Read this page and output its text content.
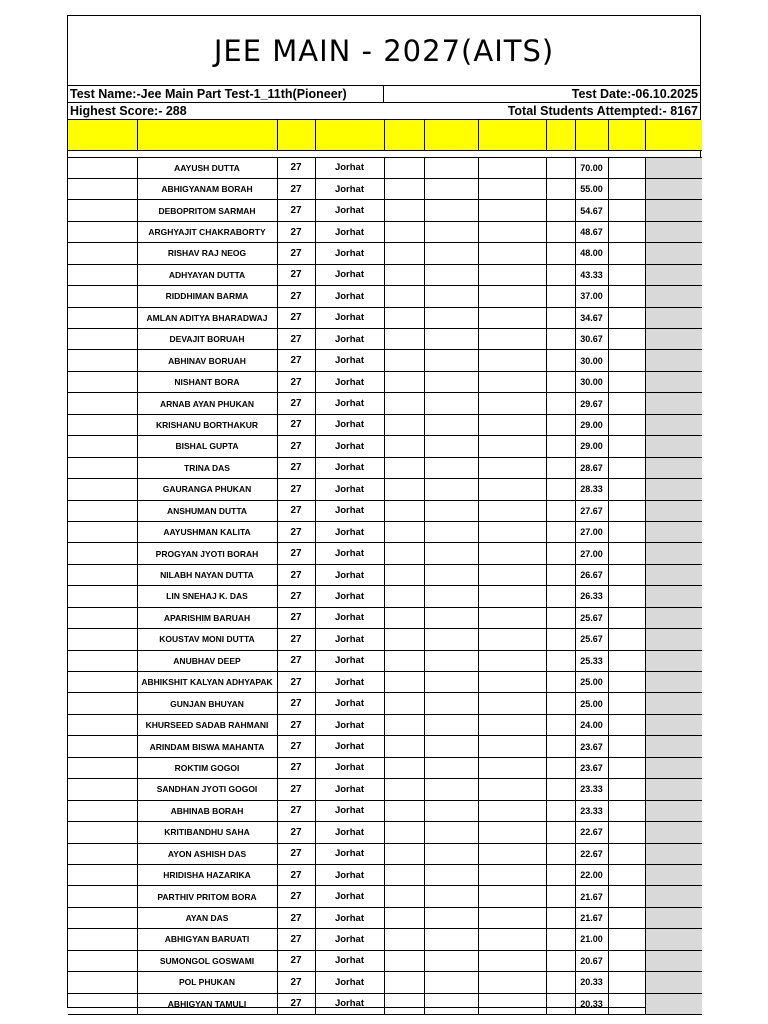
JEE MAIN - 2027(AITS)
Test Name:-Jee Main Part Test-1_11th(Pioneer)	Test Date:-06.10.2025
Highest Score:- 288	Total Students Attempted:- 8167

	AAYUSH DUTTA	27	Jorhat					70.00		
	ABHIGYANAM BORAH	27	Jorhat					55.00		
	DEBOPRITOM SARMAH	27	Jorhat					54.67		
	ARGHYAJIT CHAKRABORTY	27	Jorhat					48.67		
	RISHAV RAJ NEOG	27	Jorhat					48.00		
	ADHYAYAN DUTTA	27	Jorhat					43.33		
	RIDDHIMAN BARMA	27	Jorhat					37.00		
	AMLAN ADITYA BHARADWAJ	27	Jorhat					34.67		
	DEVAJIT BORUAH	27	Jorhat					30.67		
	ABHINAV BORUAH	27	Jorhat					30.00		
	NISHANT BORA	27	Jorhat					30.00		
	ARNAB AYAN PHUKAN	27	Jorhat					29.67		
	KRISHANU BORTHAKUR	27	Jorhat					29.00		
	BISHAL GUPTA	27	Jorhat					29.00		
	TRINA DAS	27	Jorhat					28.67		
	GAURANGA PHUKAN	27	Jorhat					28.33		
	ANSHUMAN DUTTA	27	Jorhat					27.67		
	AAYUSHMAN KALITA	27	Jorhat					27.00		
	PROGYAN JYOTI BORAH	27	Jorhat					27.00		
	NILABH NAYAN DUTTA	27	Jorhat					26.67		
	LIN SNEHAJ K. DAS	27	Jorhat					26.33		
	APARISHIM BARUAH	27	Jorhat					25.67		
	KOUSTAV MONI DUTTA	27	Jorhat					25.67		
	ANUBHAV DEEP	27	Jorhat					25.33		
	ABHIKSHIT KALYAN ADHYAPAK	27	Jorhat					25.00		
	GUNJAN BHUYAN	27	Jorhat					25.00		
	KHURSEED SADAB RAHMANI	27	Jorhat					24.00		
	ARINDAM BISWA MAHANTA	27	Jorhat					23.67		
	ROKTIM GOGOI	27	Jorhat					23.67		
	SANDHAN JYOTI GOGOI	27	Jorhat					23.33		
	ABHINAB BORAH	27	Jorhat					23.33		
	KRITIBANDHU SAHA	27	Jorhat					22.67		
	AYON ASHISH DAS	27	Jorhat					22.67		
	HRIDISHA HAZARIKA	27	Jorhat					22.00		
	PARTHIV PRITOM BORA	27	Jorhat					21.67		
	AYAN DAS	27	Jorhat					21.67		
	ABHIGYAN BARUATI	27	Jorhat					21.00		
	SUMONGOL GOSWAMI	27	Jorhat					20.67		
	POL PHUKAN	27	Jorhat					20.33		
	ABHIGYAN TAMULI	27	Jorhat					20.33		
